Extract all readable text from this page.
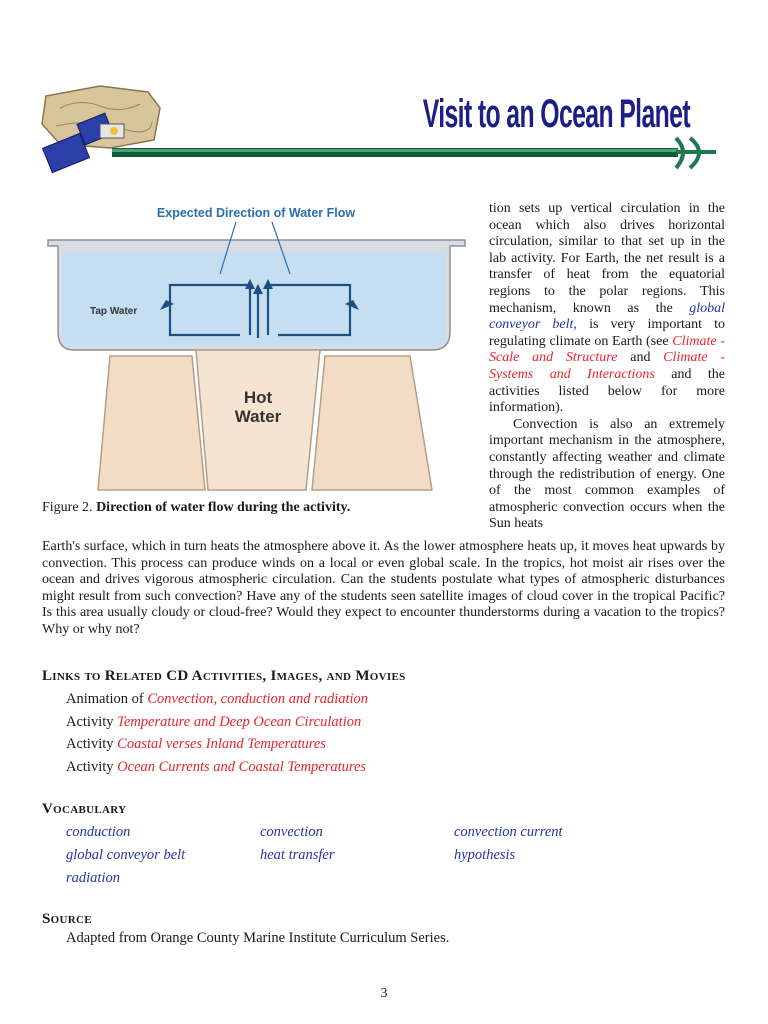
Visit to an Ocean Planet
Hot
Water
Expected Direction of Water Flow
Tap Water
Figure 2. Direction of water flow during the activity.

tion sets up vertical circulation in the ocean which also drives horizontal circulation, similar to that set up in the lab activity. For Earth, the net result is a transfer of heat from the equatorial regions to the polar regions. This mechanism, known as the global conveyor belt, is very important to regulating climate on Earth (see Climate - Scale and Structure and Climate - Systems and Interactions and the activities listed below for more information).

Convection is also an extremely important mechanism in the atmosphere, constantly affecting weather and climate through the redistribution of energy. One of the most common examples of atmospheric convection occurs when the Sun heats

Earth's surface, which in turn heats the atmosphere above it. As the lower atmosphere heats up, it moves heat upwards by convection. This process can produce winds on a local or even global scale. In the tropics, hot moist air rises over the ocean and drives vigorous atmospheric circulation. Can the students postulate what types of atmospheric disturbances might result from such convection? Have any of the students seen satellite images of cloud cover in the tropical Pacific? Is this area usually cloudy or cloud-free? Would they expect to encounter thunderstorms during a vacation to the tropics? Why or why not?

Links to Related CD Activities, Images, and Movies
Animation of Convection, conduction and radiation
Activity Temperature and Deep Ocean Circulation
Activity Coastal verses Inland Temperatures
Activity Ocean Currents and Coastal Temperatures
Vocabulary
conduction	convection	convection current
global conveyor belt	heat transfer	hypothesis
radiation
Source
Adapted from Orange County Marine Institute Curriculum Series.
3
